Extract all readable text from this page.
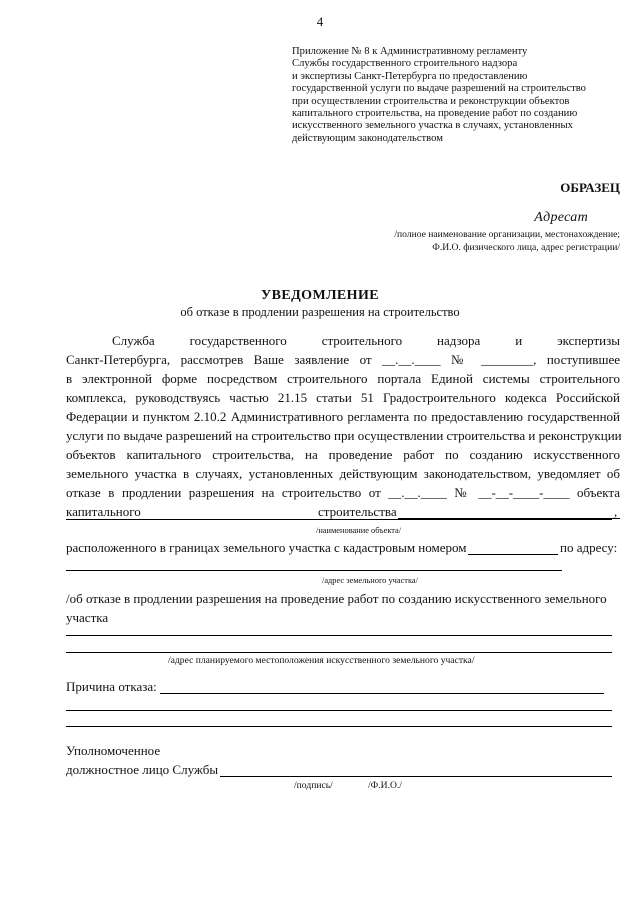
4
Приложение № 8 к Административному регламенту
Службы государственного строительного надзора
и экспертизы Санкт-Петербурга по предоставлению
государственной услуги по выдаче разрешений на строительство
при осуществлении строительства и реконструкции объектов
капитального строительства, на проведение работ по созданию
искусственного земельного участка в случаях, установленных
действующим законодательством
ОБРАЗЕЦ
Адресат
/полное наименование организации, местонахождение;
Ф.И.О. физического лица, адрес регистрации/
УВЕДОМЛЕНИЕ
об отказе в продлении разрешения на строительство
Служба государственного строительного надзора и экспертизы
Санкт-Петербурга, рассмотрев Ваше заявление от __.__.____ № ________, поступившее
в электронной форме посредством строительного портала Единой системы строительного
комплекса, руководствуясь частью 21.15 статьи 51 Градостроительного кодекса Российской
Федерации и пунктом 2.10.2 Административного регламента по предоставлению государственной
услуги по выдаче разрешений на строительство при осуществлении строительства и реконструкции
объектов капитального строительства, на проведение работ по созданию искусственного
земельного участка в случаях, установленных действующим законодательством, уведомляет об
отказе в продлении разрешения на строительство от __.__.____ № __-__-____-____ объекта
капитального	строительства	,
/наименование объекта/
расположенного в границах земельного участка с кадастровым номером	по адресу:
/адрес земельного участка/
/об отказе в продлении разрешения на проведение работ по созданию искусственного земельного
участка
/адрес планируемого местоположения искусственного земельного участка/
Причина отказа:
Уполномоченное
должностное лицо Службы
/подпись/	/Ф.И.О./
